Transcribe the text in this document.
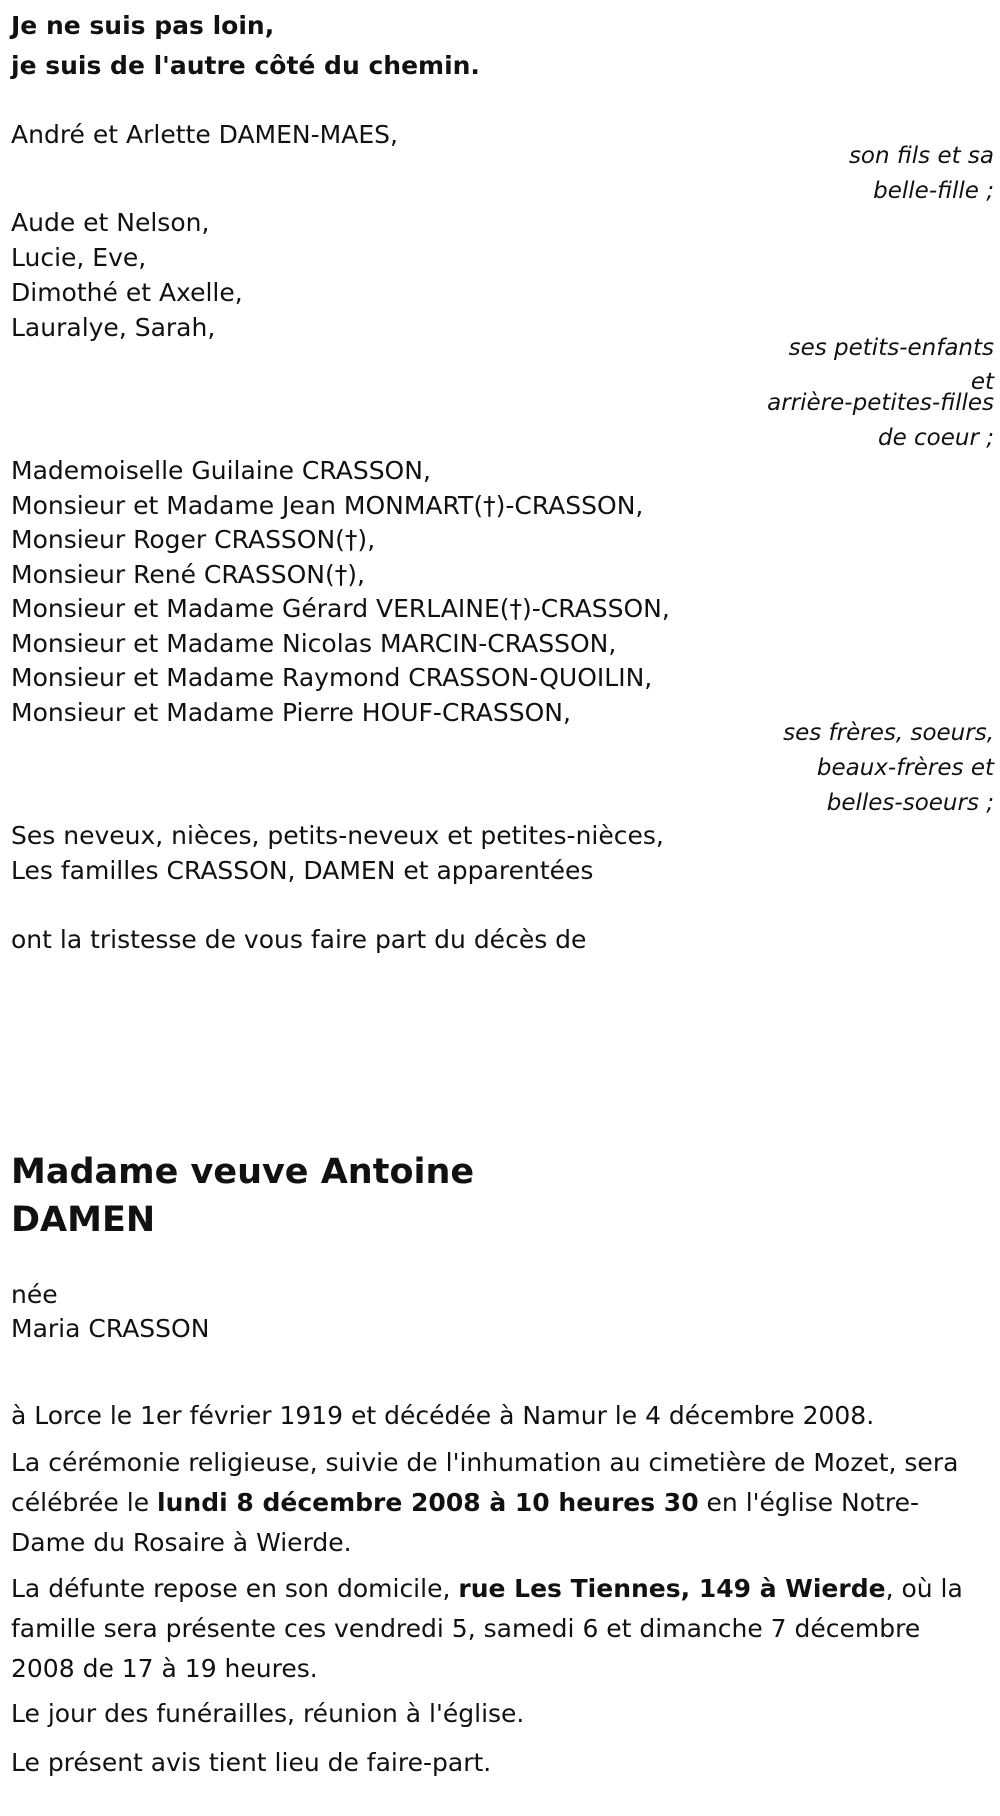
Je ne suis pas loin,
je suis de l'autre côté du chemin.
André et Arlette DAMEN-MAES,
son fils et sa
belle-fille ;
Aude et Nelson,
Lucie, Eve,
Dimothé et Axelle,
Lauralye, Sarah,
ses petits-enfants
et
arrière-petites-filles
de coeur ;
Mademoiselle Guilaine CRASSON,
Monsieur et Madame Jean MONMART(†)-CRASSON,
Monsieur Roger CRASSON(†),
Monsieur René CRASSON(†),
Monsieur et Madame Gérard VERLAINE(†)-CRASSON,
Monsieur et Madame Nicolas MARCIN-CRASSON,
Monsieur et Madame Raymond CRASSON-QUOILIN,
Monsieur et Madame Pierre HOUF-CRASSON,
ses frères, soeurs,
beaux-frères et
belles-soeurs ;
Ses neveux, nièces, petits-neveux et petites-nièces,
Les familles CRASSON, DAMEN et apparentées
ont la tristesse de vous faire part du décès de
Madame veuve Antoine
DAMEN
née
Maria CRASSON
à Lorce le 1er février 1919 et décédée à Namur le 4 décembre 2008.
La cérémonie religieuse, suivie de l'inhumation au cimetière de Mozet, sera célébrée le lundi 8 décembre 2008 à 10 heures 30 en l'église Notre-Dame du Rosaire à Wierde.
La défunte repose en son domicile, rue Les Tiennes, 149 à Wierde, où la famille sera présente ces vendredi 5, samedi 6 et dimanche 7 décembre 2008 de 17 à 19 heures.
Le jour des funérailles, réunion à l'église.
Le présent avis tient lieu de faire-part.
